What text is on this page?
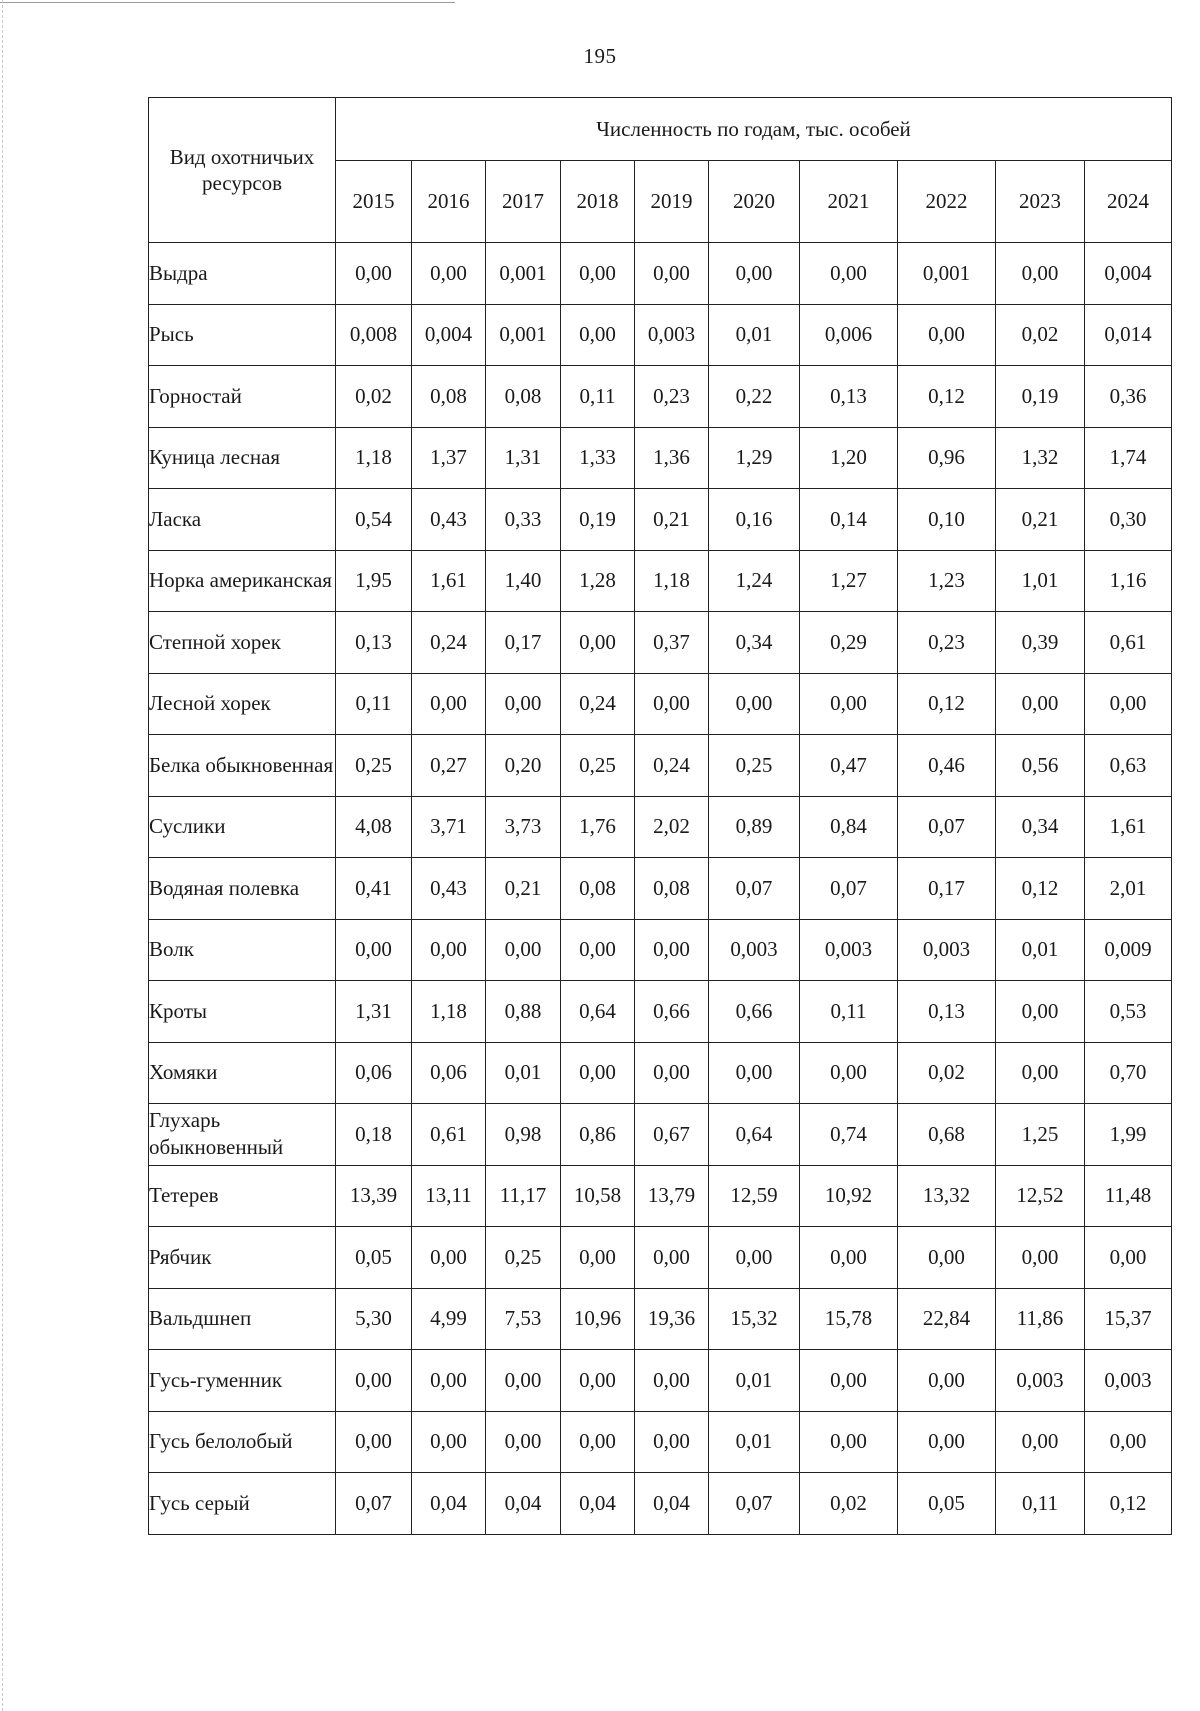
195
Вид охотничьих ресурсов	Численность по годам, тыс. особей									
	2015	2016	2017	2018	2019	2020	2021	2022	2023	2024
Выдра	0,00	0,00	0,001	0,00	0,00	0,00	0,00	0,001	0,00	0,004
Рысь	0,008	0,004	0,001	0,00	0,003	0,01	0,006	0,00	0,02	0,014
Горностай	0,02	0,08	0,08	0,11	0,23	0,22	0,13	0,12	0,19	0,36
Куница лесная	1,18	1,37	1,31	1,33	1,36	1,29	1,20	0,96	1,32	1,74
Ласка	0,54	0,43	0,33	0,19	0,21	0,16	0,14	0,10	0,21	0,30
Норка американская	1,95	1,61	1,40	1,28	1,18	1,24	1,27	1,23	1,01	1,16
Степной хорек	0,13	0,24	0,17	0,00	0,37	0,34	0,29	0,23	0,39	0,61
Лесной хорек	0,11	0,00	0,00	0,24	0,00	0,00	0,00	0,12	0,00	0,00
Белка обыкновенная	0,25	0,27	0,20	0,25	0,24	0,25	0,47	0,46	0,56	0,63
Суслики	4,08	3,71	3,73	1,76	2,02	0,89	0,84	0,07	0,34	1,61
Водяная полевка	0,41	0,43	0,21	0,08	0,08	0,07	0,07	0,17	0,12	2,01
Волк	0,00	0,00	0,00	0,00	0,00	0,003	0,003	0,003	0,01	0,009
Кроты	1,31	1,18	0,88	0,64	0,66	0,66	0,11	0,13	0,00	0,53
Хомяки	0,06	0,06	0,01	0,00	0,00	0,00	0,00	0,02	0,00	0,70
Глухарь обыкновенный	0,18	0,61	0,98	0,86	0,67	0,64	0,74	0,68	1,25	1,99
Тетерев	13,39	13,11	11,17	10,58	13,79	12,59	10,92	13,32	12,52	11,48
Рябчик	0,05	0,00	0,25	0,00	0,00	0,00	0,00	0,00	0,00	0,00
Вальдшнеп	5,30	4,99	7,53	10,96	19,36	15,32	15,78	22,84	11,86	15,37
Гусь-гуменник	0,00	0,00	0,00	0,00	0,00	0,01	0,00	0,00	0,003	0,003
Гусь белолобый	0,00	0,00	0,00	0,00	0,00	0,01	0,00	0,00	0,00	0,00
Гусь серый	0,07	0,04	0,04	0,04	0,04	0,07	0,02	0,05	0,11	0,12
